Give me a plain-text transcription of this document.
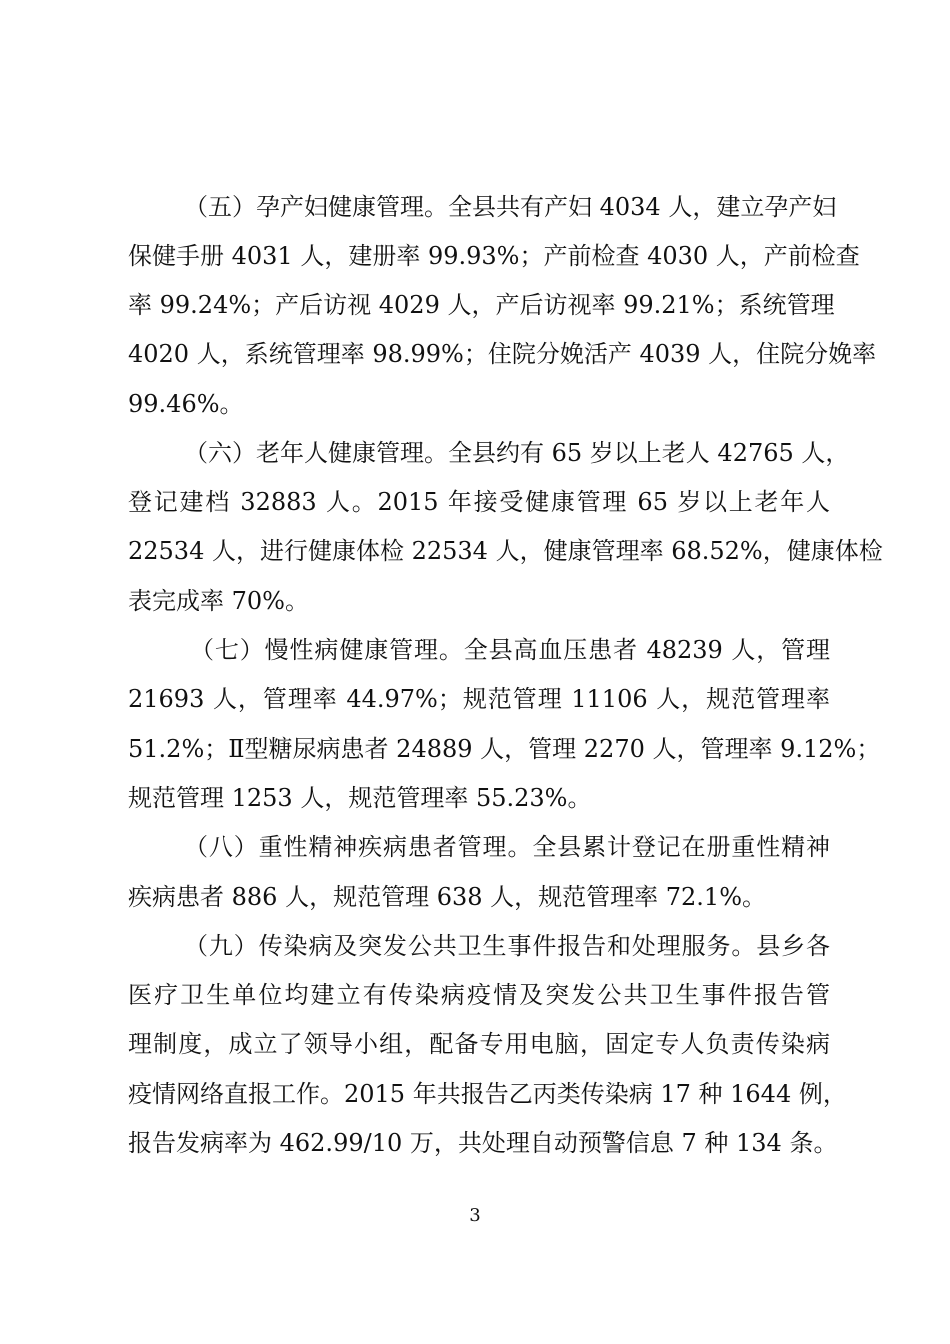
（五）孕产妇健康管理。全县共有产妇 4034 人，建立孕产妇
保健手册 4031 人，建册率 99.93%；产前检查 4030 人，产前检查
率 99.24%；产后访视 4029 人，产后访视率 99.21%；系统管理
4020 人，系统管理率 98.99%；住院分娩活产 4039 人，住院分娩率
99.46%。
（六）老年人健康管理。全县约有 65 岁以上老人 42765 人，
登记建档 32883 人。2015 年接受健康管理 65 岁以上老年人
22534 人，进行健康体检 22534 人，健康管理率 68.52%，健康体检
表完成率 70%。
（七）慢性病健康管理。全县高血压患者 48239 人，管理
21693 人，管理率 44.97%；规范管理 11106 人，规范管理率
51.2%；Ⅱ型糖尿病患者 24889 人，管理 2270 人，管理率 9.12%；
规范管理 1253 人，规范管理率 55.23%。
（八）重性精神疾病患者管理。全县累计登记在册重性精神
疾病患者 886 人，规范管理 638 人，规范管理率 72.1%。
（九）传染病及突发公共卫生事件报告和处理服务。县乡各
医疗卫生单位均建立有传染病疫情及突发公共卫生事件报告管
理制度，成立了领导小组，配备专用电脑，固定专人负责传染病
疫情网络直报工作。2015 年共报告乙丙类传染病 17 种 1644 例，
报告发病率为 462.99/10 万，共处理自动预警信息 7 种 134 条。
3
